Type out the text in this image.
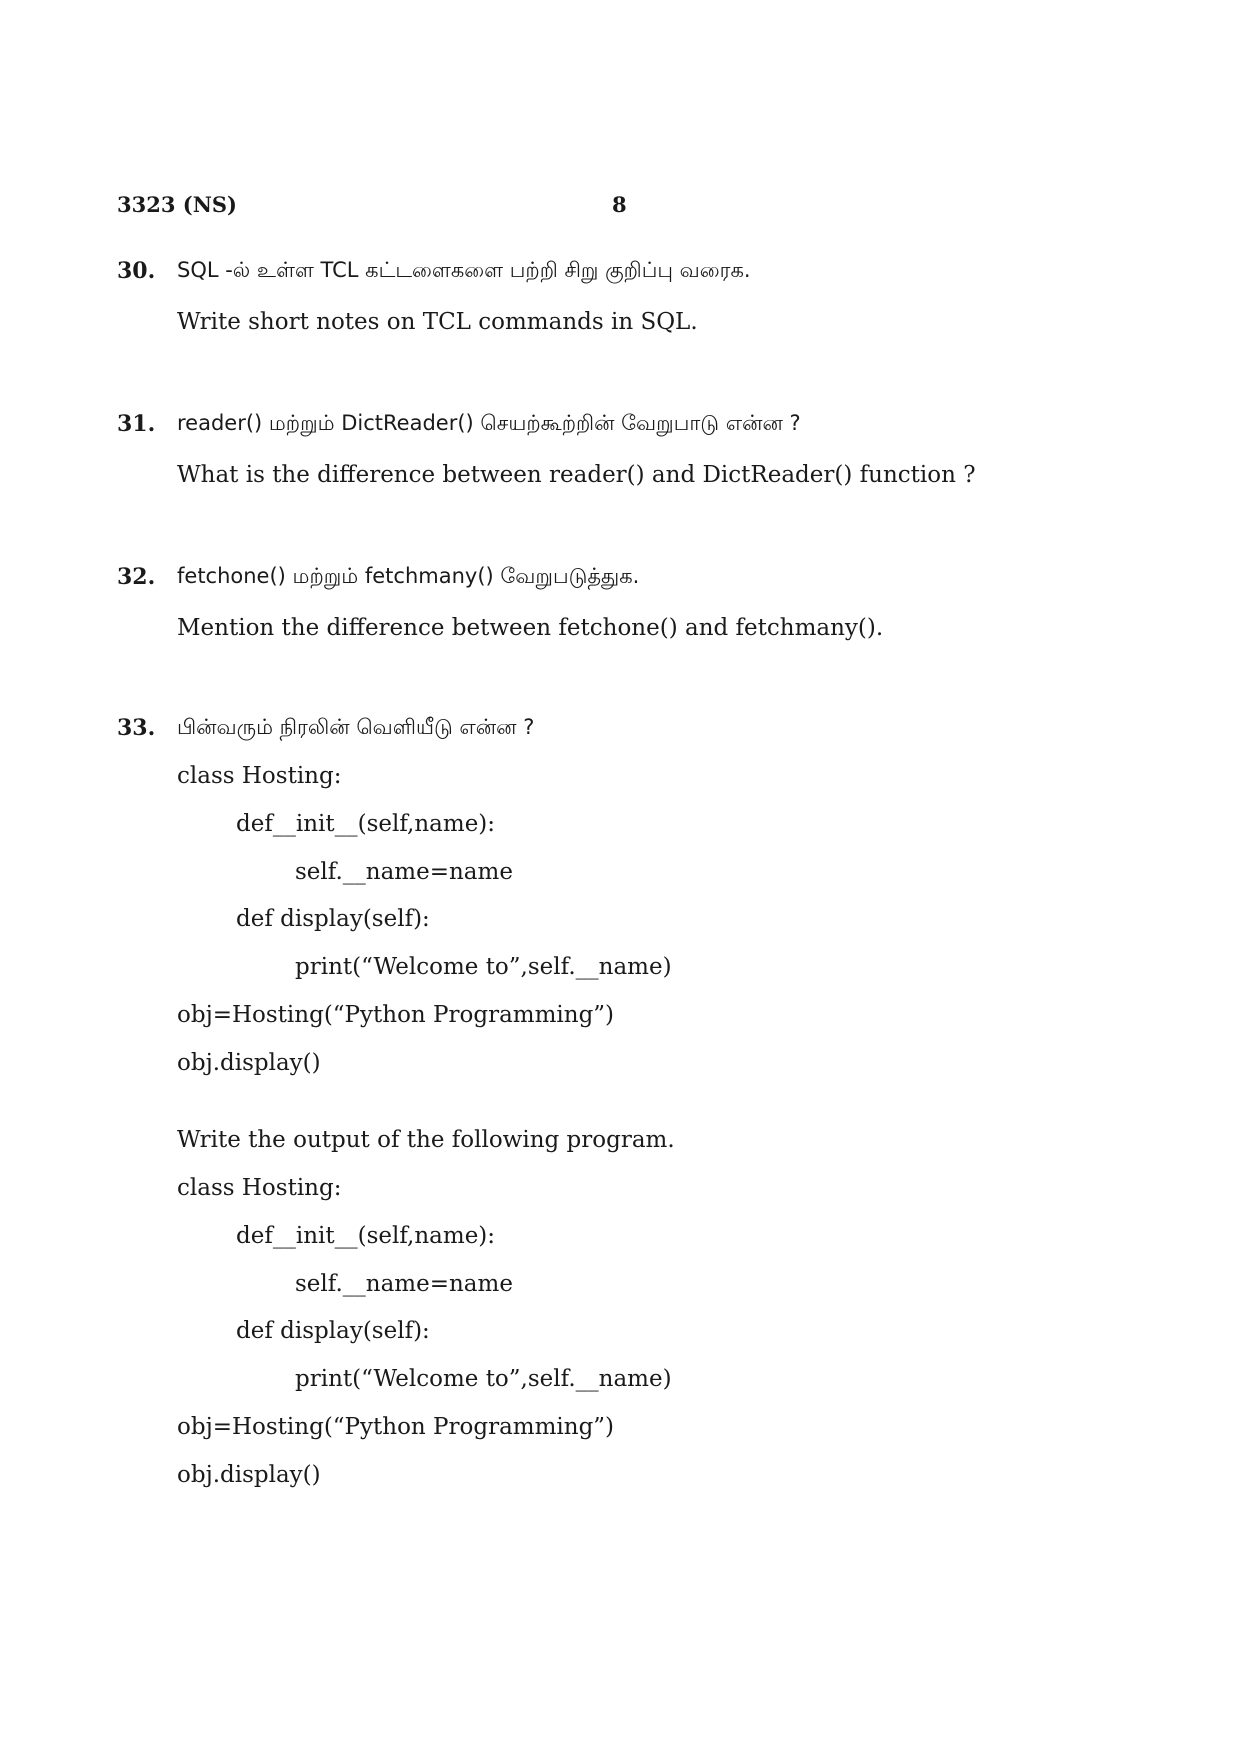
3323 (NS)	8
30. SQL -ல் உள்ள TCL கட்டளைகளை பற்றி சிறு குறிப்பு வரைக.
Write short notes on TCL commands in SQL.
31. reader() மற்றும் DictReader() செயற்கூற்றின் வேறுபாடு என்ன ?
What is the difference between reader() and DictReader() function ?
32. fetchone() மற்றும் fetchmany() வேறுபடுத்துக.
Mention the difference between fetchone() and fetchmany().
33. பின்வரும் நிரலின் வெளியீடு என்ன ?
class Hosting:
def__init__(self,name):
self.__name=name
def display(self):
print(“Welcome to”,self.__name)
obj=Hosting(“Python Programming”)
obj.display()
Write the output of the following program.
class Hosting:
def__init__(self,name):
self.__name=name
def display(self):
print(“Welcome to”,self.__name)
obj=Hosting(“Python Programming”)
obj.display()
